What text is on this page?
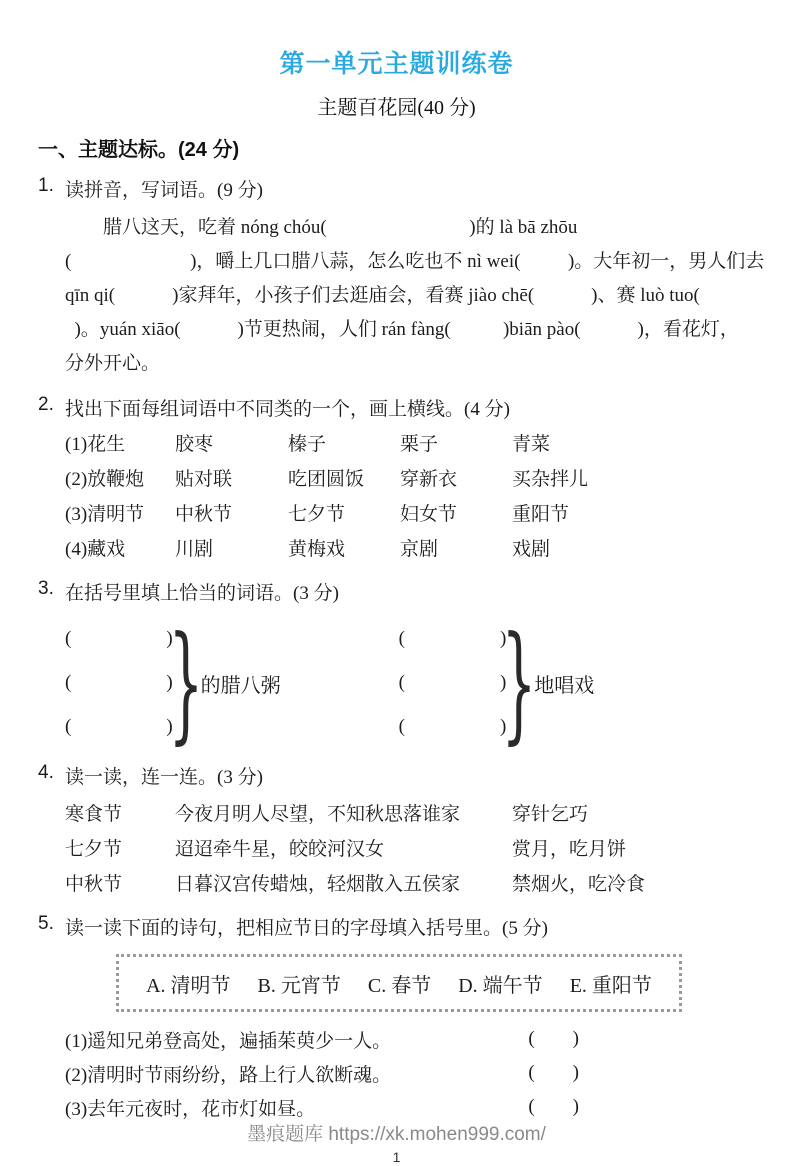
第一单元主题训练卷
主题百花园(40 分)
一、主题达标。(24 分)
1. 读拼音，写词语。(9 分)
　　腊八这天，吃着 nóng chóu(                              )的 là bā zhōu
(                         )，嚼上几口腊八蒜，怎么吃也不 nì wei(          )。大年初一，男人们去
qīn qi(            )家拜年，小孩子们去逛庙会，看赛 jiào chē(            )、赛 luò tuo(
)。yuán xiāo(            )节更热闹，人们 rán fàng(           )biān pào(            )，看花灯，
分外开心。
2. 找出下面每组词语中不同类的一个，画上横线。(4 分)
(1)花生	胶枣	榛子	栗子	青菜
(2)放鞭炮	贴对联	吃团圆饭	穿新衣	买杂拌儿
(3)清明节	中秋节	七夕节	妇女节	重阳节
(4)藏戏	川剧	黄梅戏	京剧	戏剧
3. 在括号里填上恰当的词语。(3 分)
(                    )
(                    )
(                    )
}
的腊八粥
(                    )
(                    )
(                    )
}
地唱戏
4. 读一读，连一连。(3 分)
寒食节	今夜月明人尽望，不知秋思落谁家	穿针乞巧
七夕节	迢迢牵牛星，皎皎河汉女	赏月，吃月饼
中秋节	日暮汉宫传蜡烛，轻烟散入五侯家	禁烟火，吃冷食
5. 读一读下面的诗句，把相应节日的字母填入括号里。(5 分)
A. 清明节 B. 元宵节 C. 春节 D. 端午节 E. 重阳节
(1)遥知兄弟登高处，遍插茱萸少一人。	(        )
(2)清明时节雨纷纷，路上行人欲断魂。	(        )
(3)去年元夜时，花市灯如昼。	(        )
墨痕题库 https://xk.mohen999.com/
1
